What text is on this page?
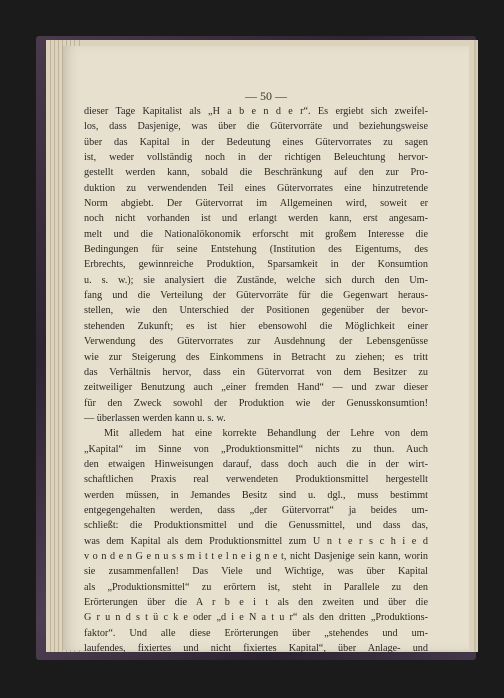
— 50 —
dieser Tage Kapitalist als „H a b e n d e r“. Es ergiebt sich zweifel-
los, dass Dasjenige, was über die Gütervorräte und beziehungsweise
über das Kapital in der Bedeutung eines Gütervorrates zu sagen
ist, weder vollständig noch in der richtigen Beleuchtung hervor-
gestellt werden kann, sobald die Beschränkung auf den zur Pro-
duktion zu verwendenden Teil eines Gütervorrates eine hinzutretende
Norm abgiebt. Der Gütervorrat im Allgemeinen wird, soweit er
noch nicht vorhanden ist und erlangt werden kann, erst angesam-
melt und die Nationalökonomik erforscht mit großem Interesse die
Bedingungen für seine Entstehung (Institution des Eigentums, des
Erbrechts, gewinnreiche Produktion, Sparsamkeit in der Konsumtion
u. s. w.); sie analysiert die Zustände, welche sich durch den Um-
fang und die Verteilung der Gütervorräte für die Gegenwart heraus-
stellen, wie den Unterschied der Positionen gegenüber der bevor-
stehenden Zukunft; es ist hier ebensowohl die Möglichkeit einer
Verwendung des Gütervorrates zur Ausdehnung der Lebensgenüsse
wie zur Steigerung des Einkommens in Betracht zu ziehen; es tritt
das Verhältnis hervor, dass ein Gütervorrat von dem Besitzer zu
zeitweiliger Benutzung auch „einer fremden Hand“ — und zwar dieser
für den Zweck sowohl der Produktion wie der Genusskonsumtion!
— überlassen werden kann u. s. w.
Mit alledem hat eine korrekte Behandlung der Lehre von dem
„Kapital“ im Sinne von „Produktionsmittel“ nichts zu thun. Auch
den etwaigen Hinweisungen darauf, dass doch auch die in der wirt-
schaftlichen Praxis real verwendeten Produktionsmittel hergestellt
werden müssen, in Jemandes Besitz sind u. dgl., muss bestimmt
entgegengehalten werden, dass „der Gütervorrat“ ja beides um-
schließt: die Produktionsmittel und die Genussmittel, und dass das,
was dem Kapital als dem Produktionsmittel zum U n t e r s c h i e d
v o n d e n G e n u s s m i t t e l n e i g n e t, nicht Dasjenige sein kann, worin
sie zusammenfallen! Das Viele und Wichtige, was über Kapital
als „Produktionsmittel“ zu erörtern ist, steht in Parallele zu den
Erörterungen über die A r b e i t als den zweiten und über die
G r u n d s t ü c k e oder „d i e N a t u r“ als den dritten „Produktions-
faktor“. Und alle diese Erörterungen über „stehendes und um-
laufendes, fixiertes und nicht fixiertes Kapital“, über Anlage- und
